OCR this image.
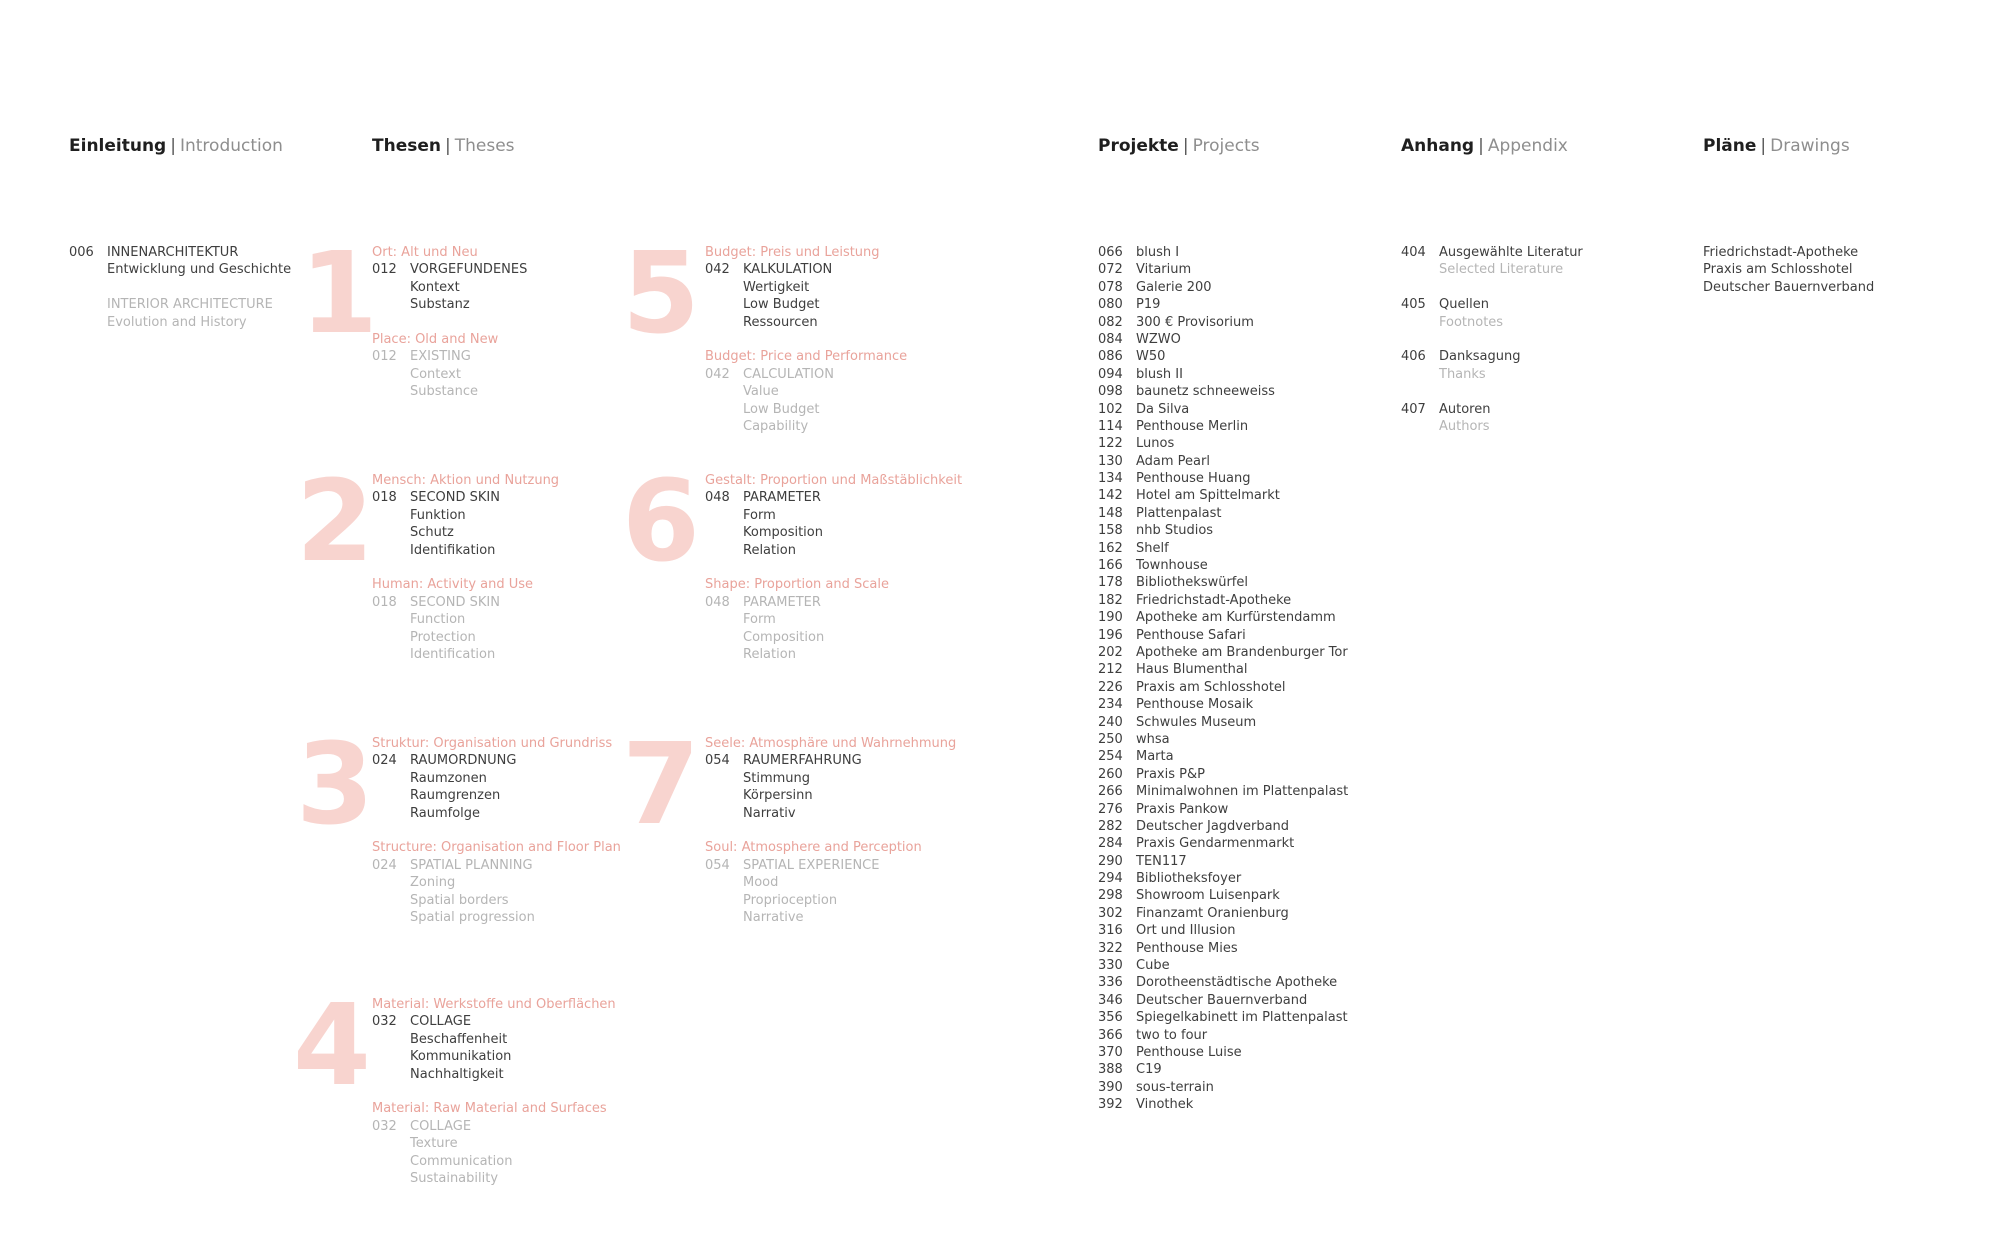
Einleitung | Introduction	Thesen | Theses	Projekte | Projects	Anhang | Appendix	Pläne | Drawings
006 INNENARCHITEKTUR
Entwicklung und Geschichte
INTERIOR ARCHITECTURE
Evolution and History 1
Ort: Alt und Neu
012 VORGEFUNDENES
Kontext
Substanz
Place: Old and New
012 EXISTING
Context
Substance
2 Mensch: Aktion und Nutzung
018 SECOND SKIN
Funktion
Schutz
Identifikation
Human: Activity and Use
018 SECOND SKIN
Function
Protection
Identification
3 Struktur: Organisation und Grundriss
024 RAUMORDNUNG
Raumzonen
Raumgrenzen
Raumfolge
Structure: Organisation and Floor Plan
024 SPATIAL PLANNING
Zoning
Spatial borders
Spatial progression
4 Material: Werkstoffe und Oberflächen
032 COLLAGE
Beschaffenheit
Kommunikation
Nachhaltigkeit
Material: Raw Material and Surfaces
032 COLLAGE
Texture
Communication
Sustainability
5 Budget: Preis und Leistung
042 KALKULATION
Wertigkeit
Low Budget
Ressourcen
Budget: Price and Performance
042 CALCULATION
Value
Low Budget
Capability
6 Gestalt: Proportion und Maßstäblichkeit
048 PARAMETER
Form
Komposition
Relation
Shape: Proportion and Scale
048 PARAMETER
Form
Composition
Relation
7 Seele: Atmosphäre und Wahrnehmung
054 RAUMERFAHRUNG
Stimmung
Körpersinn
Narrativ
Soul: Atmosphere and Perception
054 SPATIAL EXPERIENCE
Mood
Proprioception
Narrative
066 blush I
072 Vitarium
078 Galerie 200
080 P19
082 300 € Provisorium
084 WZWO
086 W50
094 blush II
098 baunetz schneeweiss
102 Da Silva
114 Penthouse Merlin
122 Lunos
130 Adam Pearl
134 Penthouse Huang
142 Hotel am Spittelmarkt
148 Plattenpalast
158 nhb Studios
162 Shelf
166 Townhouse
178 Bibliothekswürfel
182 Friedrichstadt-Apotheke
190 Apotheke am Kurfürstendamm
196 Penthouse Safari
202 Apotheke am Brandenburger Tor
212 Haus Blumenthal
226 Praxis am Schlosshotel
234 Penthouse Mosaik
240 Schwules Museum
250 whsa
254 Marta
260 Praxis P&P
266 Minimalwohnen im Plattenpalast
276 Praxis Pankow
282 Deutscher Jagdverband
284 Praxis Gendarmenmarkt
290 TEN117
294 Bibliotheksfoyer
298 Showroom Luisenpark
302 Finanzamt Oranienburg
316 Ort und Illusion
322 Penthouse Mies
330 Cube
336 Dorotheenstädtische Apotheke
346 Deutscher Bauernverband
356 Spiegelkabinett im Plattenpalast
366 two to four
370 Penthouse Luise
388 C19
390 sous-terrain
392 Vinothek
404 Ausgewählte Literatur
Selected Literature
405 Quellen
Footnotes
406 Danksagung
Thanks
407 Autoren
Authors
Friedrichstadt-Apotheke
Praxis am Schlosshotel
Deutscher Bauernverband
